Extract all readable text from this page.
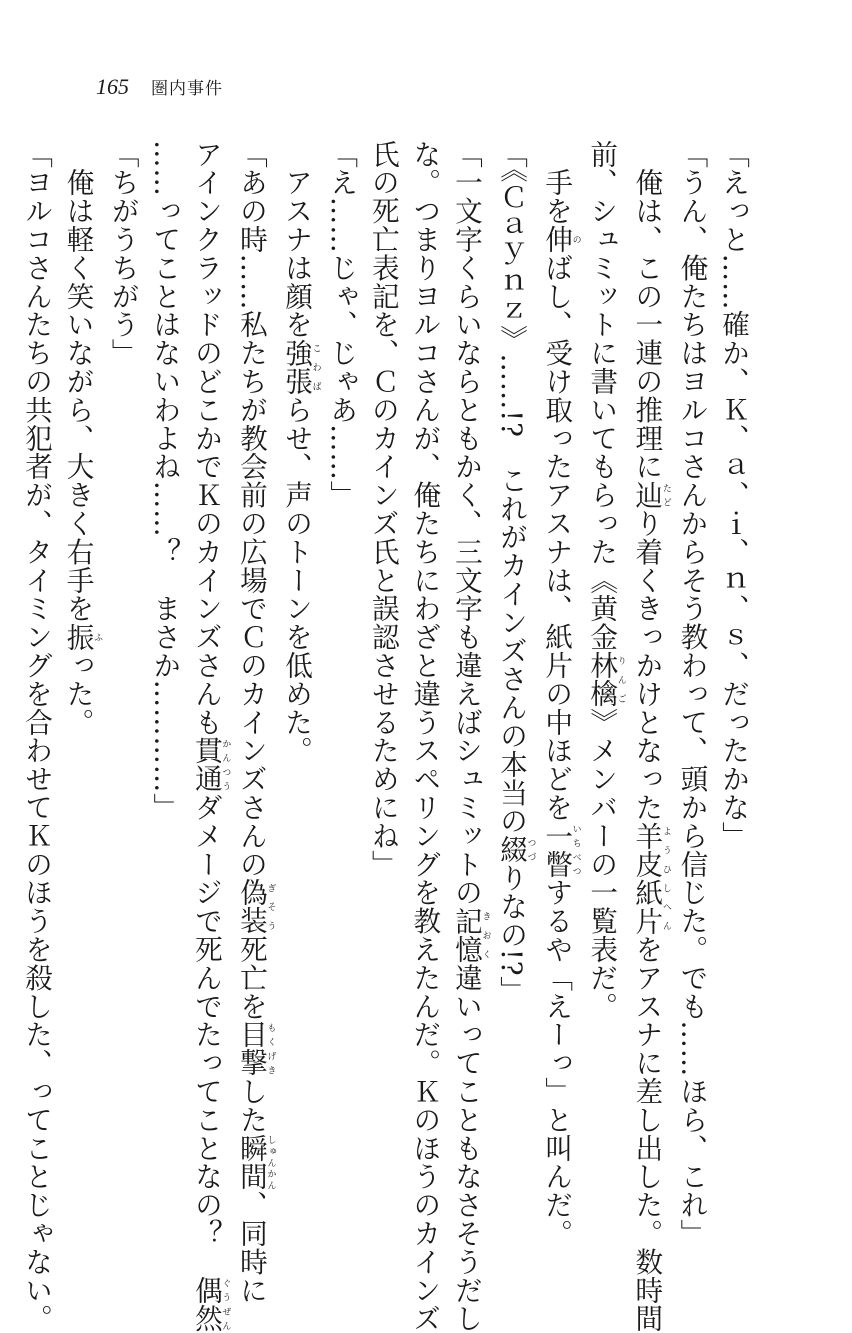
165 圏内事件
「えっと……確か、Ｋ、ａ、ｉ、ｎ、ｓ、だったかな」
「うん、俺たちはヨルコさんからそう教わって、頭から信じた。でも……ほら、これ」
　俺は、この一連の推理に辿たどり着くきっかけとなった羊皮紙片ようひしへんをアスナに差し出した。数時間
前、シュミットに書いてもらった《黄金林檎りんご》メンバーの一覧表だ。
　手を伸のばし、受け取ったアスナは、紙片の中ほどを一瞥いちべつするや「えーっ」と叫んだ。
「《Ｃａｙｎｚ》……!?　これがカインズさんの本当の綴つづりなの!?」
「一文字くらいならともかく、三文字も違えばシュミットの記憶きおく違いってこともなさそうだし
な。つまりヨルコさんが、俺たちにわざと違うスペリングを教えたんだ。Ｋのほうのカインズ
氏の死亡表記を、Ｃのカインズ氏と誤認させるためにね」
「え……じゃ、じゃあ……」
　アスナは顔を強張こわばらせ、声のトーンを低めた。
「あの時……私たちが教会前の広場でＣのカインズさんの偽装ぎそう死亡を目撃もくげきした瞬間しゅんかん、同時に
アインクラッドのどこかでＫのカインズさんも貫通かんつうダメージで死んでたってことなの？　偶然ぐうぜん
……ってことはないわよね……？　まさか…………」
「ちがうちがう」
　俺は軽く笑いながら、大きく右手を振ふった。
「ヨルコさんたちの共犯者が、タイミングを合わせてＫのほうを殺した、ってことじゃない。
